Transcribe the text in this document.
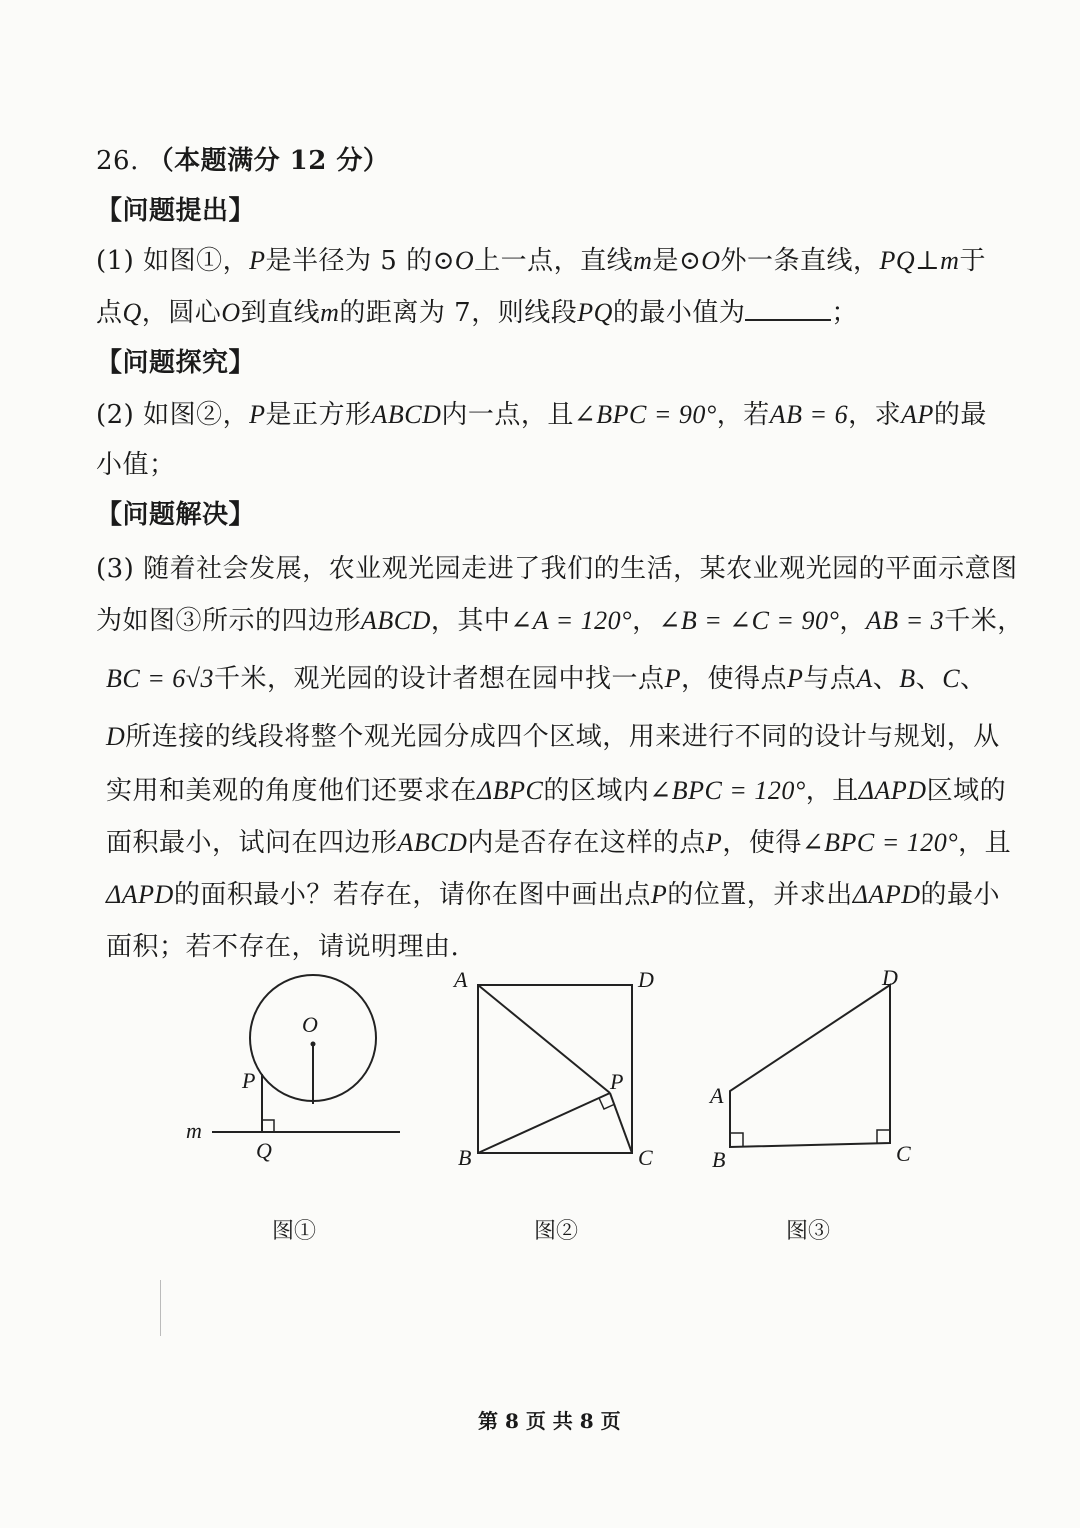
26. （本题满分 12 分）
【问题提出】
(1) 如图①，P是半径为 5 的⊙O上一点，直线m是⊙O外一条直线，PQ⊥m于
点Q，圆心O到直线m的距离为 7，则线段PQ的最小值为	；
【问题探究】
(2) 如图②，P是正方形ABCD内一点，且∠BPC = 90°，若AB = 6，求AP的最
小值；
【问题解决】
(3) 随着社会发展，农业观光园走进了我们的生活，某农业观光园的平面示意图
为如图③所示的四边形ABCD，其中∠A = 120°，∠B = ∠C = 90°，AB = 3千米，
BC = 6√3千米，观光园的设计者想在园中找一点P，使得点P与点A、B、C、
D所连接的线段将整个观光园分成四个区域，用来进行不同的设计与规划，从
实用和美观的角度他们还要求在ΔBPC的区域内∠BPC = 120°，且ΔAPD区域的
面积最小，试问在四边形ABCD内是否存在这样的点P，使得∠BPC = 120°，且
ΔAPD的面积最小？若存在，请你在图中画出点P的位置，并求出ΔAPD的最小
面积；若不存在，请说明理由.
O
P
Q
m
图①
A	D
B	C
P
图②
A
D
B	C
图③
第 8 页 共 8 页
